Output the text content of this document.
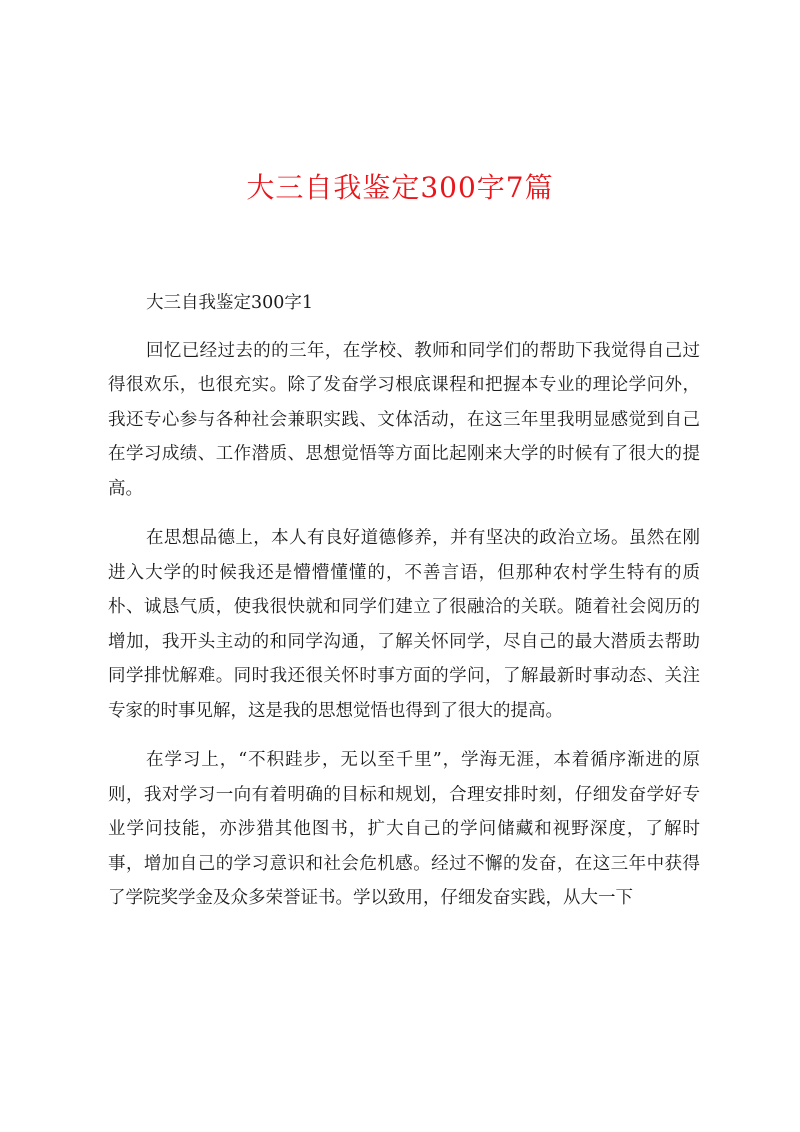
大三自我鉴定300字7篇

大三自我鉴定300字1

回忆已经过去的的三年，在学校、教师和同学们的帮助下我觉得自己过得很欢乐，也很充实。除了发奋学习根底课程和把握本专业的理论学问外，我还专心参与各种社会兼职实践、文体活动，在这三年里我明显感觉到自己在学习成绩、工作潜质、思想觉悟等方面比起刚来大学的时候有了很大的提高。

在思想品德上，本人有良好道德修养，并有坚决的政治立场。虽然在刚进入大学的时候我还是懵懵懂懂的，不善言语，但那种农村学生特有的质朴、诚恳气质，使我很快就和同学们建立了很融洽的关联。随着社会阅历的增加，我开头主动的和同学沟通，了解关怀同学，尽自己的最大潜质去帮助同学排忧解难。同时我还很关怀时事方面的学问，了解最新时事动态、关注专家的时事见解，这是我的思想觉悟也得到了很大的提高。

在学习上，“不积跬步，无以至千里”，学海无涯，本着循序渐进的原则，我对学习一向有着明确的目标和规划，合理安排时刻，仔细发奋学好专业学问技能，亦涉猎其他图书，扩大自己的学问储藏和视野深度，了解时事，增加自己的学习意识和社会危机感。经过不懈的发奋，在这三年中获得了学院奖学金及众多荣誉证书。学以致用，仔细发奋实践，从大一下
